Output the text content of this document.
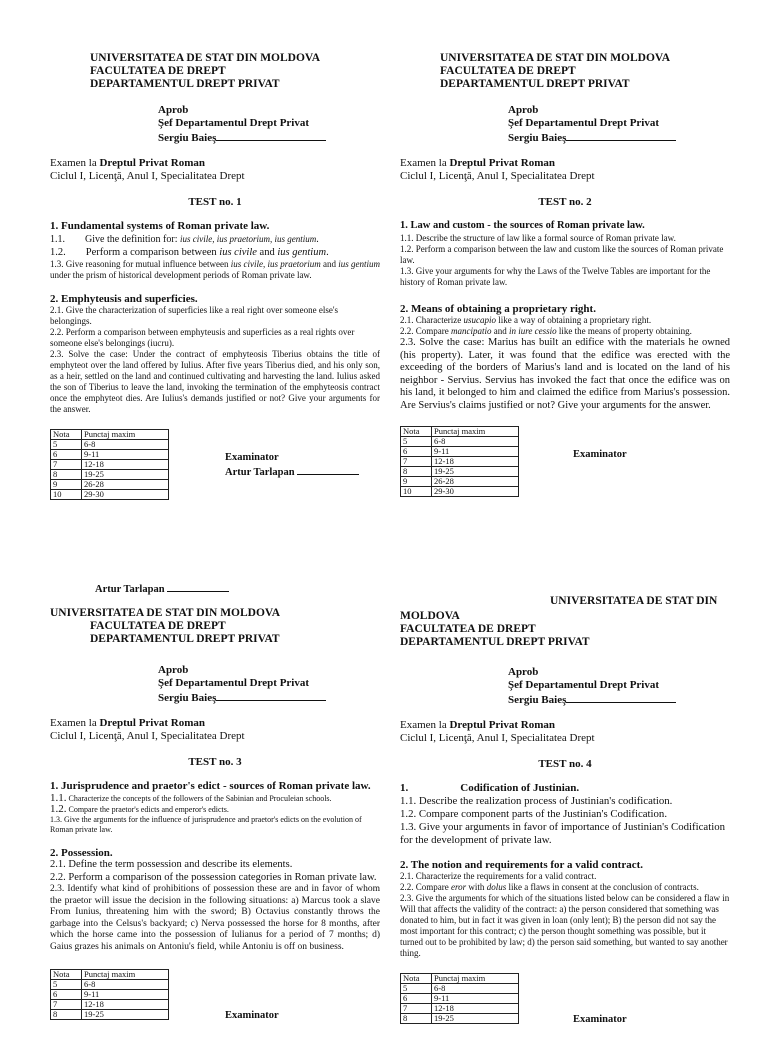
UNIVERSITATEA DE STAT DIN MOLDOVA
FACULTATEA DE DREPT
DEPARTAMENTUL DREPT PRIVAT
Aprob
Şef Departamentul Drept Privat
Sergiu Baieş
Examen la Dreptul Privat Roman
Ciclul I, Licenţă, Anul I, Specialitatea Drept
TEST no. 1
1. Fundamental systems of Roman private law.

1.1. Give the definition for: ius civile, ius praetorium, ius gentium.

1.2. Perform a comparison between ius civile and ius gentium.

1.3. Give reasoning for mutual influence between ius civile, ius praetorium and ius gentium under the prism of historical development periods of Roman private law.

2. Emphyteusis and superficies.

2.1. Give the characterization of superficies like a real right over someone else's belongings.

2.2. Perform a comparison between emphyteusis and superficies as a real rights over someone else's belongings (iucru).

2.3. Solve the case: Under the contract of emphyteosis Tiberius obtains the title of emphyteot over the land offered by Iulius. After five years Tiberius died, and his only son, as a heir, settled on the land and continued cultivating and harvesting the land. Iulius asked the son of Tiberius to leave the land, invoking the termination of the emphyteosis contract once the emphyteot dies. Are Iulius's demands justified or not? Give your arguments for the answer.

Nota	Punctaj maxim
5	6-8
6	9-11
7	12-18
8	19-25
9	26-28
10	29-30
Examinator
Artur Tarlapan
UNIVERSITATEA DE STAT DIN MOLDOVA
FACULTATEA DE DREPT
DEPARTAMENTUL DREPT PRIVAT
Aprob
Şef Departamentul Drept Privat
Sergiu Baieş
Examen la Dreptul Privat Roman
Ciclul I, Licenţă, Anul I, Specialitatea Drept
TEST no. 2
1. Law and custom - the sources of Roman private law.

1.1. Describe the structure of law like a formal source of Roman private law.

1.2. Perform a comparison between the law and custom like the sources of Roman private law.

1.3. Give your arguments for why the Laws of the Twelve Tables are important for the history of Roman private law.

2. Means of obtaining a proprietary right.

2.1. Characterize usucapio like a way of obtaining a proprietary right.

2.2. Compare mancipatio and in iure cessio like the means of property obtaining.

2.3. Solve the case: Marius has built an edifice with the materials he owned (his property). Later, it was found that the edifice was erected with the exceeding of the borders of Marius's land and is located on the land of his neighbor - Servius. Servius has invoked the fact that once the edifice was on his land, it belonged to him and claimed the edifice from Marius's possession. Are Servius's claims justified or not? Give your arguments for the answer.

Nota	Punctaj maxim
5	6-8
6	9-11
7	12-18
8	19-25
9	26-28
10	29-30
Examinator
Artur Tarlapan
UNIVERSITATEA DE STAT DIN MOLDOVA
FACULTATEA DE DREPT
DEPARTAMENTUL DREPT PRIVAT
Aprob
Şef Departamentul Drept Privat
Sergiu Baieş
Examen la Dreptul Privat Roman
Ciclul I, Licenţă, Anul I, Specialitatea Drept
TEST no. 3
1. Jurisprudence and praetor's edict - sources of Roman private law.

1.1. Characterize the concepts of the followers of the Sabinian and Proculeian schools.

1.2. Compare the praetor's edicts and emperor's edicts.

1.3. Give the arguments for the influence of jurisprudence and praetor's edicts on the evolution of Roman private law.

2. Possession.

2.1. Define the term possession and describe its elements.

2.2. Perform a comparison of the possession categories in Roman private law.

2.3. Identify what kind of prohibitions of possession these are and in favor of whom the praetor will issue the decision in the following situations: a) Marcus took a slave From Iunius, threatening him with the sword; B) Octavius constantly throws the garbage into the Celsus's backyard; c) Nerva possessed the horse for 8 months, after which the horse came into the possession of Iulianus for a period of 7 months; d) Gaius grazes his animals on Antoniu's field, while Antoniu is off on business.

Nota	Punctaj maxim
5	6-8
6	9-11
7	12-18
8	19-25	Examinator
UNIVERSITATEA DE STAT DIN
MOLDOVA
FACULTATEA DE DREPT
DEPARTAMENTUL DREPT PRIVAT
Aprob
Şef Departamentul Drept Privat
Sergiu Baieş
Examen la Dreptul Privat Roman
Ciclul I, Licenţă, Anul I, Specialitatea Drept
TEST no. 4
1.	Codification of Justinian.

1.1. Describe the realization process of Justinian's codification.

1.2. Compare component parts of the Justinian's Codification.

1.3. Give your arguments in favor of importance of Justinian's Codification for the development of private law.

2. The notion and requirements for a valid contract.

2.1. Characterize the requirements for a valid contract.

2.2. Compare eror with dolus like a flaws in consent at the conclusion of contracts.

2.3. Give the arguments for which of the situations listed below can be considered a flaw in Will that affects the validity of the contract: a) the person considered that something was donated to him, but in fact it was given in loan (only lent); B) the person did not say the most important for this contract; c) the person thought something was possible, but it turned out to be prohibited by law; d) the person said something, but wanted to say another thing.

Nota	Punctaj maxim
5	6-8
6	9-11
7	12-18
8	19-25	Examinator
